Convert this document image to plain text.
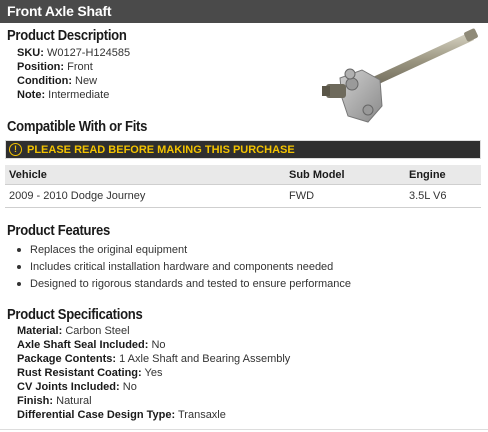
Front Axle Shaft
Product Description
SKU: W0127-H124585
Position: Front
Condition: New
Note: Intermediate
Compatible With or Fits
! PLEASE READ BEFORE MAKING THIS PURCHASE
Vehicle	Sub Model	Engine
2009 - 2010 Dodge Journey	FWD	3.5L V6
Product Features
Replaces the original equipment
Includes critical installation hardware and components needed
Designed to rigorous standards and tested to ensure performance
Product Specifications
Material: Carbon Steel
Axle Shaft Seal Included: No
Package Contents: 1 Axle Shaft and Bearing Assembly
Rust Resistant Coating: Yes
CV Joints Included: No
Finish: Natural
Differential Case Design Type: Transaxle
